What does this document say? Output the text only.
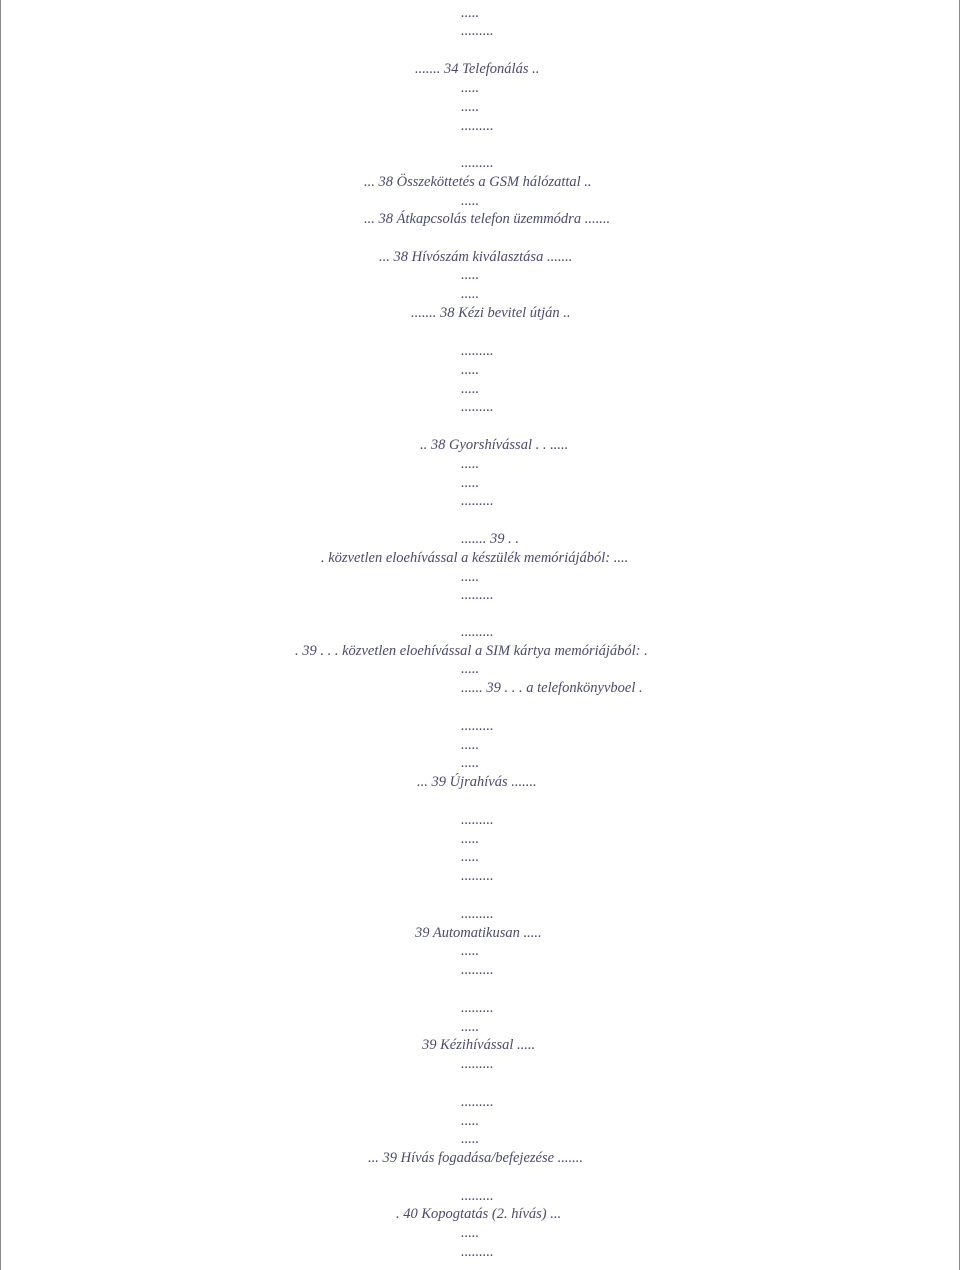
.....
.........
....... 34 Telefonálás ..
.....
.....
.........
.........
... 38 Összeköttetés a GSM hálózattal ..
.....
... 38 Átkapcsolás telefon üzemmódra .......
... 38 Hívószám kiválasztása .......
.....
.....
....... 38 Kézi bevitel útján ..
.........
.....
.....
.........
.. 38 Gyorshívással . . .....
.....
.....
.........
....... 39 . .
. közvetlen eloehívással a készülék memóriájából: ....
.....
.........
.........
. 39 . . . közvetlen eloehívással a SIM kártya memóriájából: .
.....
...... 39 . . . a telefonkönyvboel .
.........
.....
.....
... 39 Újrahívás .......
.........
.....
.....
.........
.........
39 Automatikusan .....
.....
.........
.........
.....
39 Kézihívással .....
.........
.........
.....
.....
... 39 Hívás fogadása/befejezése .......
.........
. 40 Kopogtatás (2. hívás) ...
.....
.........
